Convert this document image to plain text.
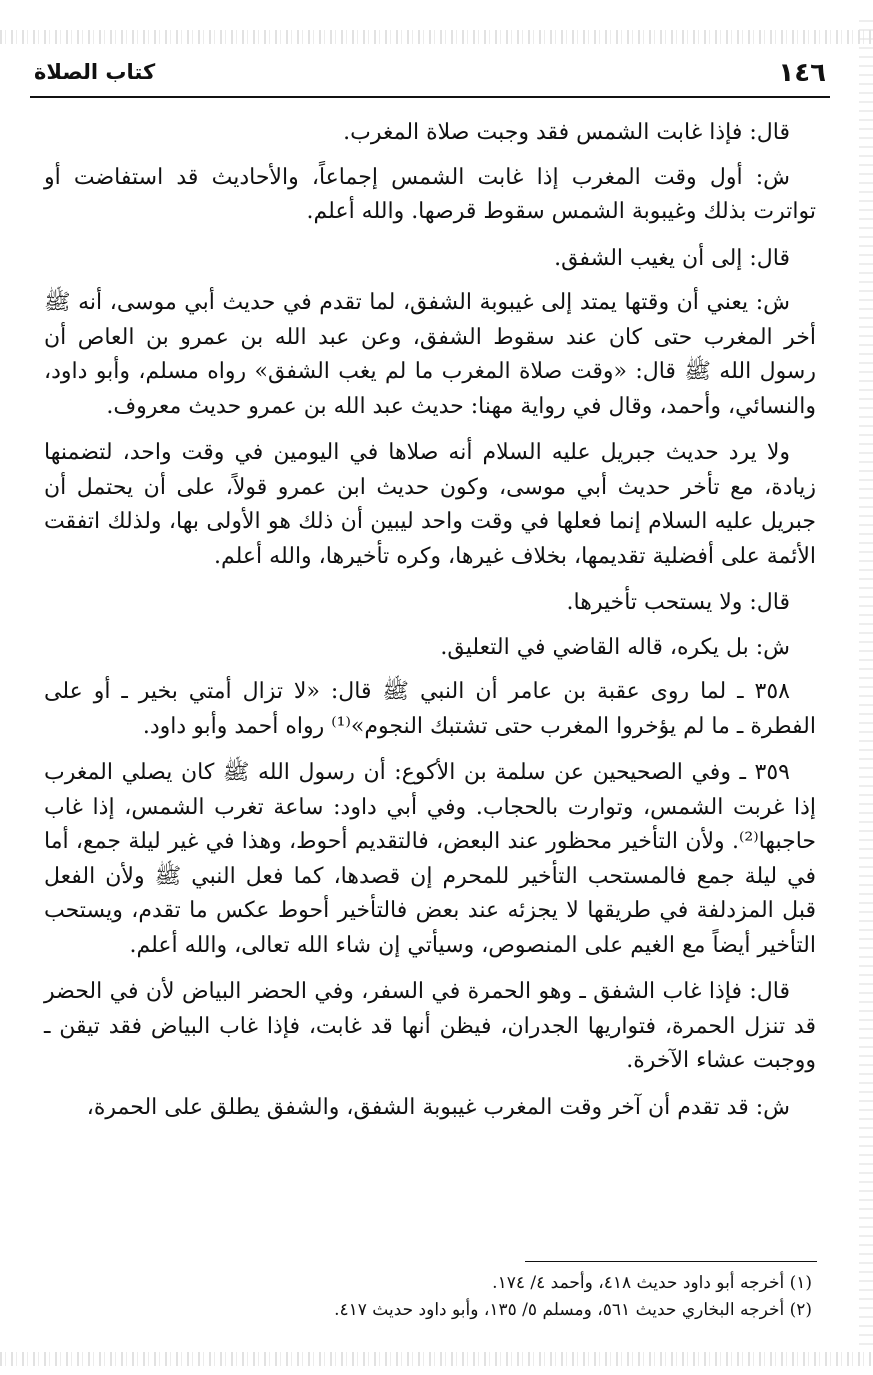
١٤٦
كتاب الصلاة

قال: فإذا غابت الشمس فقد وجبت صلاة المغرب.

ش: أول وقت المغرب إذا غابت الشمس إجماعاً، والأحاديث قد استفاضت أو تواترت بذلك وغيبوبة الشمس سقوط قرصها. والله أعلم.

قال: إلى أن يغيب الشفق.

ش: يعني أن وقتها يمتد إلى غيبوبة الشفق، لما تقدم في حديث أبي موسى، أنه ﷺ أخر المغرب حتى كان عند سقوط الشفق، وعن عبد الله بن عمرو بن العاص أن رسول الله ﷺ قال: «وقت صلاة المغرب ما لم يغب الشفق» رواه مسلم، وأبو داود، والنسائي، وأحمد، وقال في رواية مهنا: حديث عبد الله بن عمرو حديث معروف.

ولا يرد حديث جبريل عليه السلام أنه صلاها في اليومين في وقت واحد، لتضمنها زيادة، مع تأخر حديث أبي موسى، وكون حديث ابن عمرو قولاً، على أن يحتمل أن جبريل عليه السلام إنما فعلها في وقت واحد ليبين أن ذلك هو الأولى بها، ولذلك اتفقت الأئمة على أفضلية تقديمها، بخلاف غيرها، وكره تأخيرها، والله أعلم.

قال: ولا يستحب تأخيرها.

ش: بل يكره، قاله القاضي في التعليق.

٣٥٨ ـ لما روى عقبة بن عامر أن النبي ﷺ قال: «لا تزال أمتي بخير ـ أو على الفطرة ـ ما لم يؤخروا المغرب حتى تشتبك النجوم»⁽¹⁾ رواه أحمد وأبو داود.

٣٥٩ ـ وفي الصحيحين عن سلمة بن الأكوع: أن رسول الله ﷺ كان يصلي المغرب إذا غربت الشمس، وتوارت بالحجاب. وفي أبي داود: ساعة تغرب الشمس، إذا غاب حاجبها⁽²⁾. ولأن التأخير محظور عند البعض، فالتقديم أحوط، وهذا في غير ليلة جمع، أما في ليلة جمع فالمستحب التأخير للمحرم إن قصدها، كما فعل النبي ﷺ ولأن الفعل قبل المزدلفة في طريقها لا يجزئه عند بعض فالتأخير أحوط عكس ما تقدم، ويستحب التأخير أيضاً مع الغيم على المنصوص، وسيأتي إن شاء الله تعالى، والله أعلم.

قال: فإذا غاب الشفق ـ وهو الحمرة في السفر، وفي الحضر البياض لأن في الحضر قد تنزل الحمرة، فتواريها الجدران، فيظن أنها قد غابت، فإذا غاب البياض فقد تيقن ـ ووجبت عشاء الآخرة.

ش: قد تقدم أن آخر وقت المغرب غيبوبة الشفق، والشفق يطلق على الحمرة،

(١) أخرجه أبو داود حديث ٤١٨، وأحمد ٤/ ١٧٤.

(٢) أخرجه البخاري حديث ٥٦١، ومسلم ٥/ ١٣٥، وأبو داود حديث ٤١٧.
